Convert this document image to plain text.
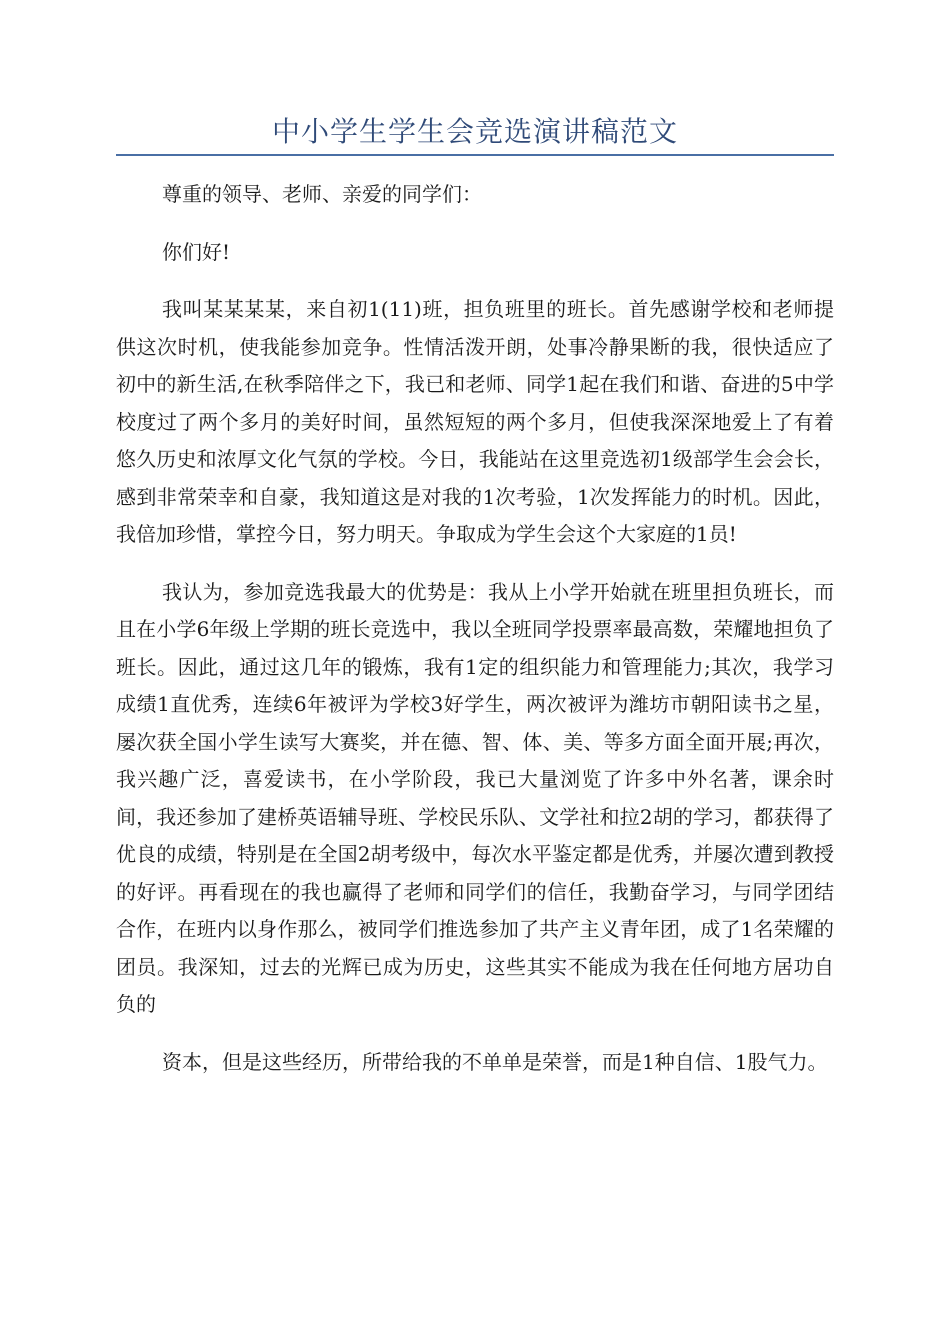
中小学生学生会竞选演讲稿范文

尊重的领导、老师、亲爱的同学们：

你们好!

我叫某某某某，来自初1(11)班，担负班里的班长。首先感谢学校和老师提供这次时机，使我能参加竞争。性情活泼开朗，处事冷静果断的我，很快适应了初中的新生活,在秋季陪伴之下，我已和老师、同学1起在我们和谐、奋进的5中学校度过了两个多月的美好时间，虽然短短的两个多月，但使我深深地爱上了有着悠久历史和浓厚文化气氛的学校。今日，我能站在这里竞选初1级部学生会会长，感到非常荣幸和自豪，我知道这是对我的1次考验，1次发挥能力的时机。因此，我倍加珍惜，掌控今日，努力明天。争取成为学生会这个大家庭的1员!

我认为，参加竞选我最大的优势是：我从上小学开始就在班里担负班长，而且在小学6年级上学期的班长竞选中，我以全班同学投票率最高数，荣耀地担负了班长。因此，通过这几年的锻炼，我有1定的组织能力和管理能力;其次，我学习成绩1直优秀，连续6年被评为学校3好学生，两次被评为潍坊市朝阳读书之星，屡次获全国小学生读写大赛奖，并在德、智、体、美、等多方面全面开展;再次，我兴趣广泛，喜爱读书，在小学阶段，我已大量浏览了许多中外名著，课余时间，我还参加了建桥英语辅导班、学校民乐队、文学社和拉2胡的学习，都获得了优良的成绩，特别是在全国2胡考级中，每次水平鉴定都是优秀，并屡次遭到教授的好评。再看现在的我也赢得了老师和同学们的信任，我勤奋学习，与同学团结合作，在班内以身作那么，被同学们推选参加了共产主义青年团，成了1名荣耀的团员。我深知，过去的光辉已成为历史，这些其实不能成为我在任何地方居功自负的

资本，但是这些经历，所带给我的不单单是荣誉，而是1种自信、1股气力。
